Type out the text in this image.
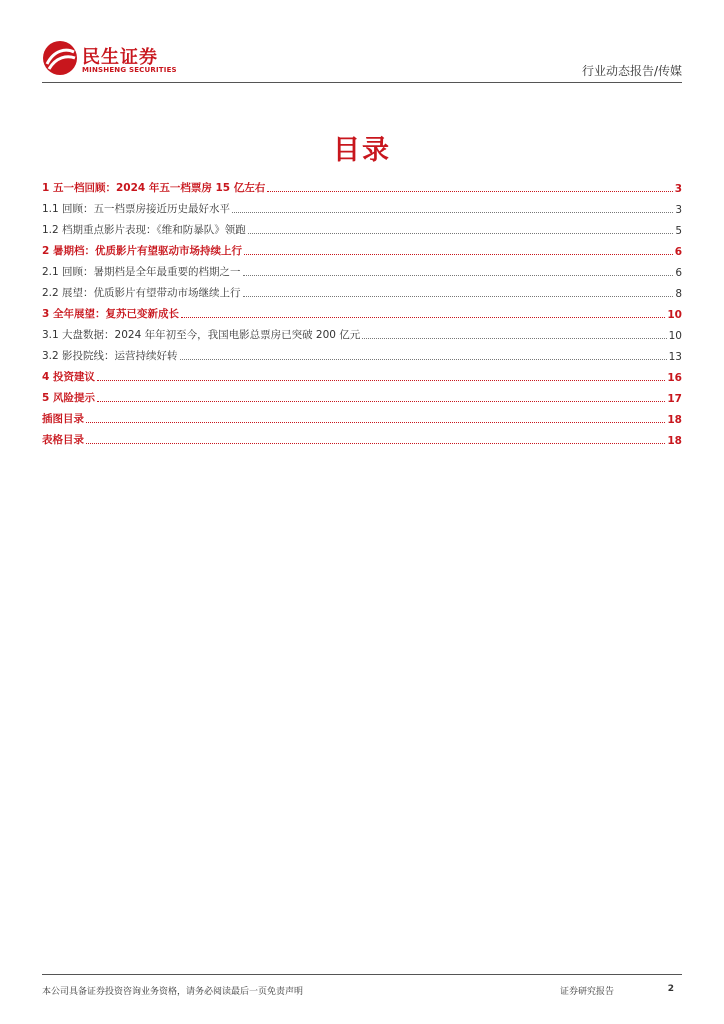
民生证券
MINSHENG SECURITIES	行业动态报告/传媒
目录
1 五一档回顾：2024 年五一档票房 15 亿左右	3
1.1 回顾：五一档票房接近历史最好水平	3
1.2 档期重点影片表现：《维和防暴队》领跑	5
2 暑期档：优质影片有望驱动市场持续上行	6
2.1 回顾：暑期档是全年最重要的档期之一	6
2.2 展望：优质影片有望带动市场继续上行	8
3 全年展望：复苏已变新成长	10
3.1 大盘数据：2024 年年初至今，我国电影总票房已突破 200 亿元	10
3.2 影投院线：运营持续好转	13
4 投资建议	16
5 风险提示	17
插图目录	18
表格目录	18
本公司具备证券投资咨询业务资格，请务必阅读最后一页免责声明	证券研究报告	2
